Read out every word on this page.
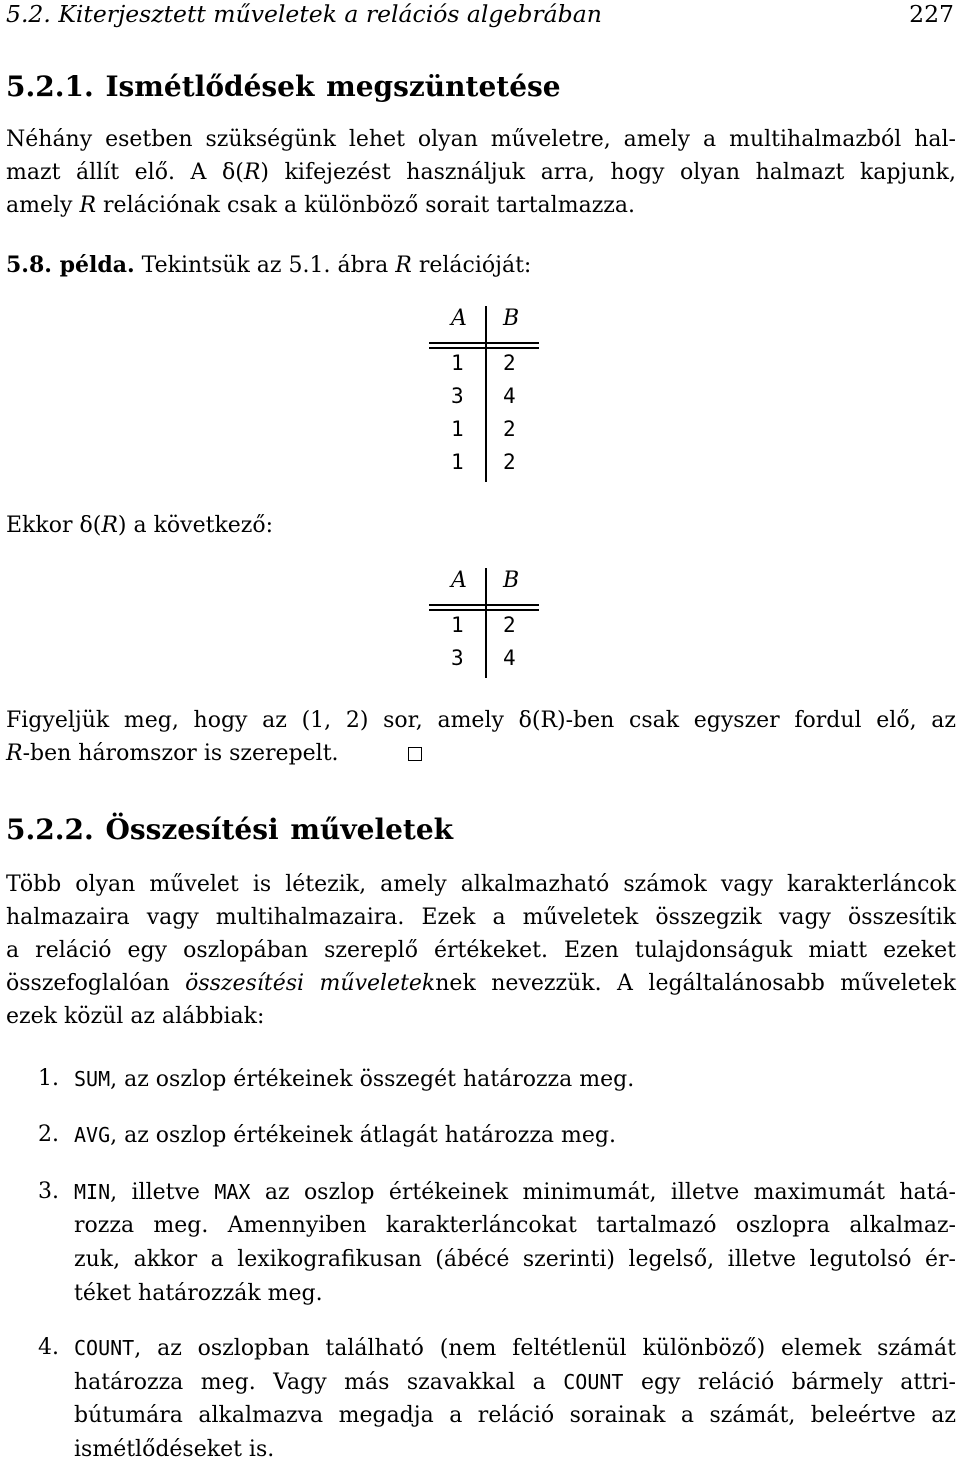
5.2. Kiterjesztett műveletek a relációs algebrában	227
5.2.1. Ismétlődések megszüntetése
Néhány esetben szükségünk lehet olyan műveletre, amely a multihalmazból hal-
mazt állít elő. A δ(R) kifejezést használjuk arra, hogy olyan halmazt kapjunk,
amely R relációnak csak a különböző sorait tartalmazza.
5.8. példa. Tekintsük az 5.1. ábra R relációját:
A B
1 2
3 4
1 2
1 2
Ekkor δ(R) a következő:
A B
1 2
3 4
Figyeljük meg, hogy az (1, 2) sor, amely δ(R)-ben csak egyszer fordul elő, az
R-ben háromszor is szerepelt.
5.2.2. Összesítési műveletek
Több olyan művelet is létezik, amely alkalmazható számok vagy karakterláncok
halmazaira vagy multihalmazaira. Ezek a műveletek összegzik vagy összesítik
a reláció egy oszlopában szereplő értékeket. Ezen tulajdonságuk miatt ezeket
összefoglalóan összesítési műveleteknek nevezzük. A legáltalánosabb műveletek
ezek közül az alábbiak:
1. SUM, az oszlop értékeinek összegét határozza meg.
2. AVG, az oszlop értékeinek átlagát határozza meg.
3. MIN, illetve MAX az oszlop értékeinek minimumát, illetve maximumát hatá-
rozza meg. Amennyiben karakterláncokat tartalmazó oszlopra alkalmaz-
zuk, akkor a lexikografikusan (ábécé szerinti) legelső, illetve legutolsó ér-
téket határozzák meg.
4. COUNT, az oszlopban található (nem feltétlenül különböző) elemek számát
határozza meg. Vagy más szavakkal a COUNT egy reláció bármely attri-
bútumára alkalmazva megadja a reláció sorainak a számát, beleértve az
ismétlődéseket is.
